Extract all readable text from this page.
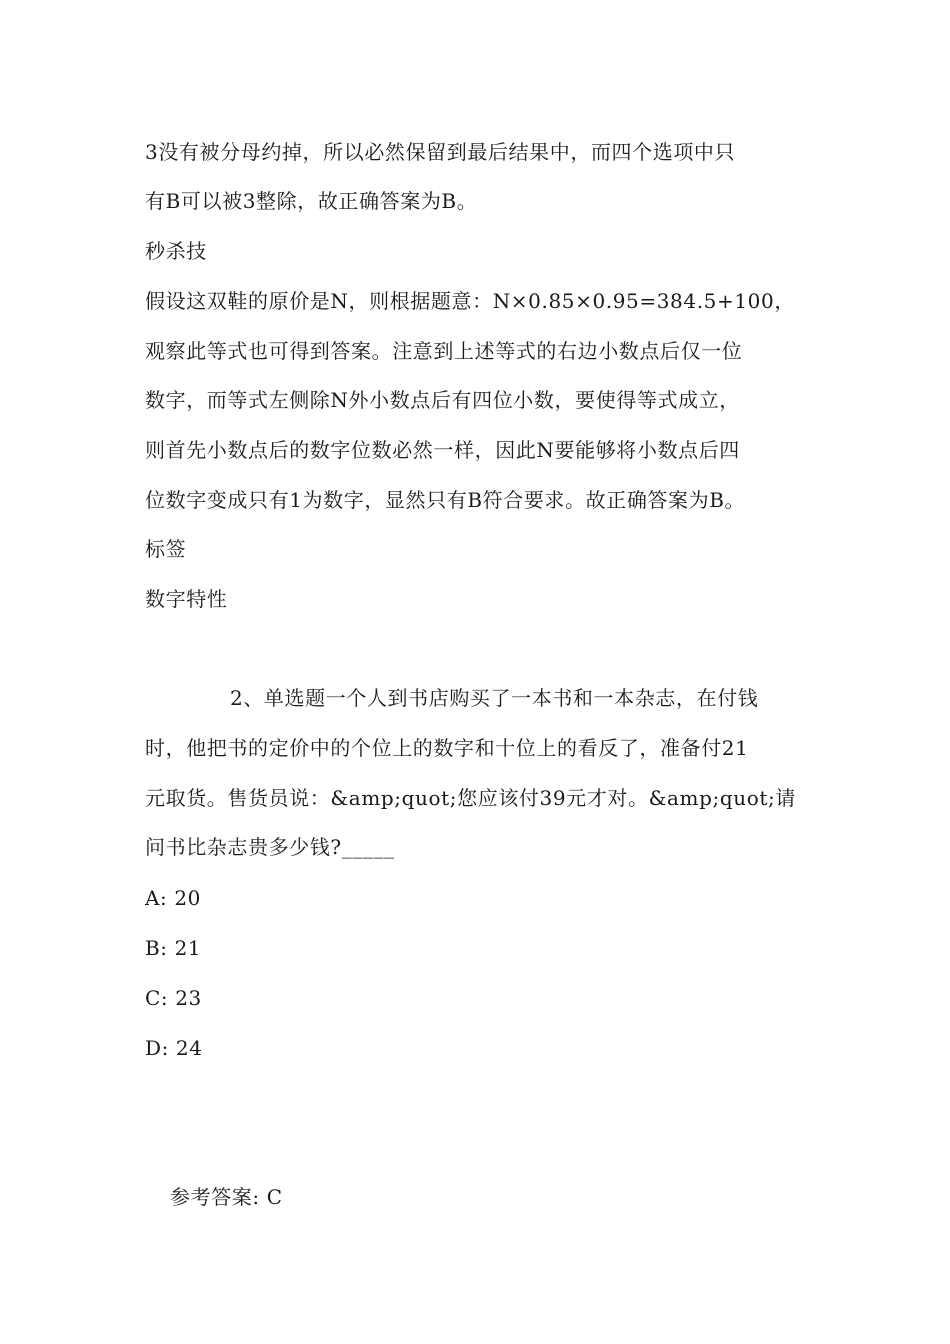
3没有被分母约掉，所以必然保留到最后结果中，而四个选项中只
有B可以被3整除，故正确答案为B。
秒杀技
假设这双鞋的原价是N，则根据题意：N×0.85×0.95=384.5+100，
观察此等式也可得到答案。注意到上述等式的右边小数点后仅一位
数字，而等式左侧除N外小数点后有四位小数，要使得等式成立，
则首先小数点后的数字位数必然一样，因此N要能够将小数点后四
位数字变成只有1为数字，显然只有B符合要求。故正确答案为B。
标签
数字特性
2、单选题一个人到书店购买了一本书和一本杂志，在付钱
时，他把书的定价中的个位上的数字和十位上的看反了，准备付21
元取货。售货员说：&amp;quot;您应该付39元才对。&amp;quot;请
问书比杂志贵多少钱?_____
A: 20
B: 21
C: 23
D: 24
参考答案: C
